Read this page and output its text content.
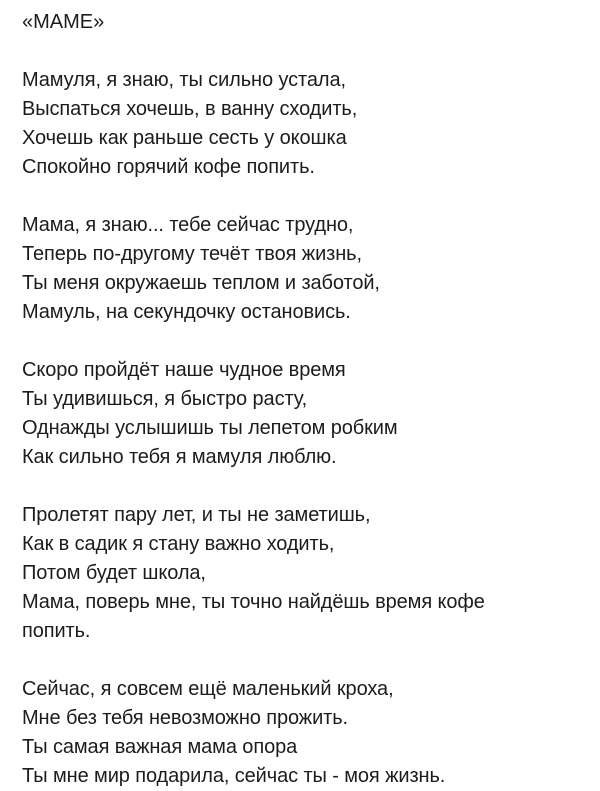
«МАМЕ»
Мамуля, я знаю, ты сильно устала,
Выспаться хочешь, в ванну сходить,
Хочешь как раньше сесть у окошка
Спокойно горячий кофе попить.
Мама, я знаю... тебе сейчас трудно,
Теперь по-другому течёт твоя жизнь,
Ты меня окружаешь теплом и заботой,
Мамуль, на секундочку остановись.
Скоро пройдёт наше чудное время
Ты удивишься, я быстро расту,
Однажды услышишь ты лепетом робким
Как сильно тебя я мамуля люблю.
Пролетят пару лет, и ты не заметишь,
Как в садик я стану важно ходить,
Потом будет школа,
Мама, поверь мне, ты точно найдёшь время кофе
попить.
Сейчас, я совсем ещё маленький кроха,
Мне без тебя невозможно прожить.
Ты самая важная мама опора
Ты мне мир подарила, сейчас ты - моя жизнь.
